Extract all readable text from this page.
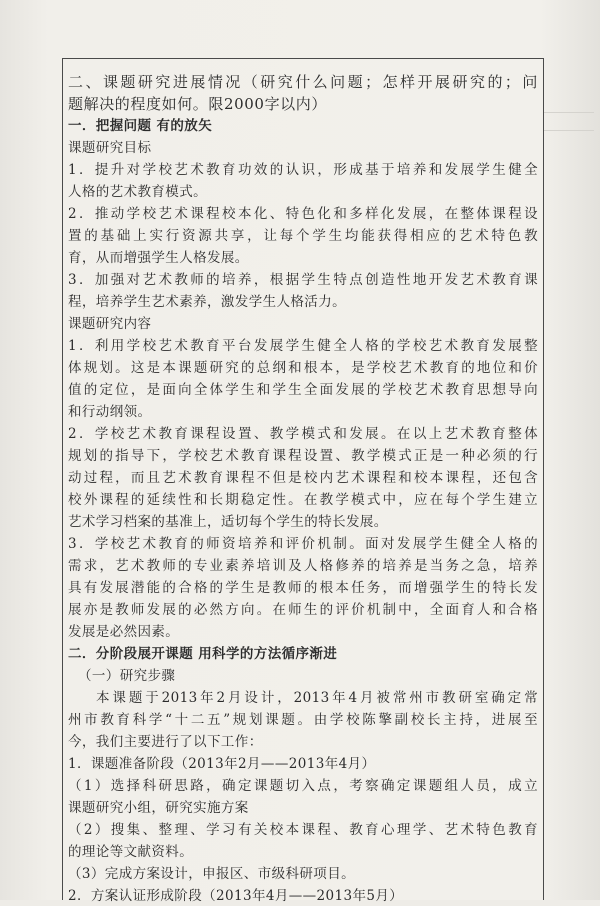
二、课题研究进展情况（研究什么问题；怎样开展研究的；问
题解决的程度如何。限2000字以内）
一．把握问题 有的放矢
课题研究目标
1．提升对学校艺术教育功效的认识，形成基于培养和发展学生健全
人格的艺术教育模式。
2．推动学校艺术课程校本化、特色化和多样化发展，在整体课程设
置的基础上实行资源共享，让每个学生均能获得相应的艺术特色教
育，从而增强学生人格发展。
3．加强对艺术教师的培养，根据学生特点创造性地开发艺术教育课
程，培养学生艺术素养，激发学生人格活力。
课题研究内容
1．利用学校艺术教育平台发展学生健全人格的学校艺术教育发展整
体规划。这是本课题研究的总纲和根本，是学校艺术教育的地位和价
值的定位，是面向全体学生和学生全面发展的学校艺术教育思想导向
和行动纲领。
2．学校艺术教育课程设置、教学模式和发展。在以上艺术教育整体
规划的指导下，学校艺术教育课程设置、教学模式正是一种必须的行
动过程，而且艺术教育课程不但是校内艺术课程和校本课程，还包含
校外课程的延续性和长期稳定性。在教学模式中，应在每个学生建立
艺术学习档案的基准上，适切每个学生的特长发展。
3．学校艺术教育的师资培养和评价机制。面对发展学生健全人格的
需求，艺术教师的专业素养培训及人格修养的培养是当务之急，培养
具有发展潜能的合格的学生是教师的根本任务，而增强学生的特长发
展亦是教师发展的必然方向。在师生的评价机制中，全面育人和合格
发展是必然因素。
二．分阶段展开课题 用科学的方法循序渐进
（一）研究步骤
本课题于2013年2月设计，2013年4月被常州市教研室确定常
州市教育科学“十二五”规划课题。由学校陈擎副校长主持，进展至
今，我们主要进行了以下工作：
1．课题准备阶段（2013年2月——2013年4月）
（1）选择科研思路，确定课题切入点，考察确定课题组人员，成立
课题研究小组，研究实施方案
（2）搜集、整理、学习有关校本课程、教育心理学、艺术特色教育
的理论等文献资料。
（3）完成方案设计，申报区、市级科研项目。
2．方案认证形成阶段（2013年4月——2013年5月）
